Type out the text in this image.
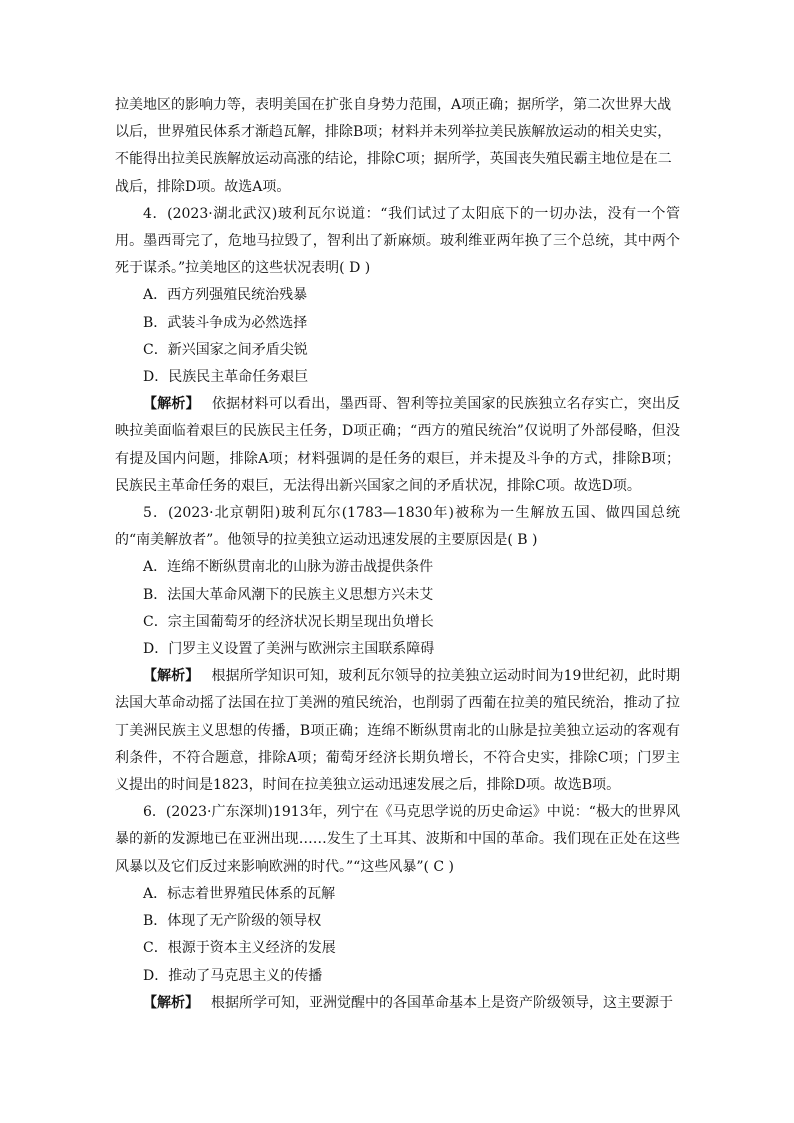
拉美地区的影响力等，表明美国在扩张自身势力范围，A项正确；据所学，第二次世界大战

以后，世界殖民体系才渐趋瓦解，排除B项；材料并未列举拉美民族解放运动的相关史实，

不能得出拉美民族解放运动高涨的结论，排除C项；据所学，英国丧失殖民霸主地位是在二

战后，排除D项。故选A项。

4．(2023·湖北武汉)玻利瓦尔说道：“我们试过了太阳底下的一切办法，没有一个管用。墨西哥完了，危地马拉毁了，智利出了新麻烦。玻利维亚两年换了三个总统，其中两个死于谋杀。”拉美地区的这些状况表明( D )

A．西方列强殖民统治残暴

B．武装斗争成为必然选择

C．新兴国家之间矛盾尖锐

D．民族民主革命任务艰巨

【解析】 依据材料可以看出，墨西哥、智利等拉美国家的民族独立名存实亡，突出反映拉美面临着艰巨的民族民主任务，D项正确；“西方的殖民统治”仅说明了外部侵略，但没有提及国内问题，排除A项；材料强调的是任务的艰巨，并未提及斗争的方式，排除B项；民族民主革命任务的艰巨，无法得出新兴国家之间的矛盾状况，排除C项。故选D项。

5．(2023·北京朝阳)玻利瓦尔(1783—1830年)被称为一生解放五国、做四国总统的“南美解放者”。他领导的拉美独立运动迅速发展的主要原因是( B )

A．连绵不断纵贯南北的山脉为游击战提供条件

B．法国大革命风潮下的民族主义思想方兴未艾

C．宗主国葡萄牙的经济状况长期呈现出负增长

D．门罗主义设置了美洲与欧洲宗主国联系障碍

【解析】 根据所学知识可知，玻利瓦尔领导的拉美独立运动时间为19世纪初，此时期法国大革命动摇了法国在拉丁美洲的殖民统治，也削弱了西葡在拉美的殖民统治，推动了拉丁美洲民族主义思想的传播，B项正确；连绵不断纵贯南北的山脉是拉美独立运动的客观有利条件，不符合题意，排除A项；葡萄牙经济长期负增长，不符合史实，排除C项；门罗主义提出的时间是1823，时间在拉美独立运动迅速发展之后，排除D项。故选B项。

6．(2023·广东深圳)1913年，列宁在《马克思学说的历史命运》中说：“极大的世界风暴的新的发源地已在亚洲出现……发生了土耳其、波斯和中国的革命。我们现在正处在这些风暴以及它们反过来影响欧洲的时代。”“这些风暴”( C )

A．标志着世界殖民体系的瓦解

B．体现了无产阶级的领导权

C．根源于资本主义经济的发展

D．推动了马克思主义的传播

【解析】 根据所学可知，亚洲觉醒中的各国革命基本上是资产阶级领导，这主要源于
